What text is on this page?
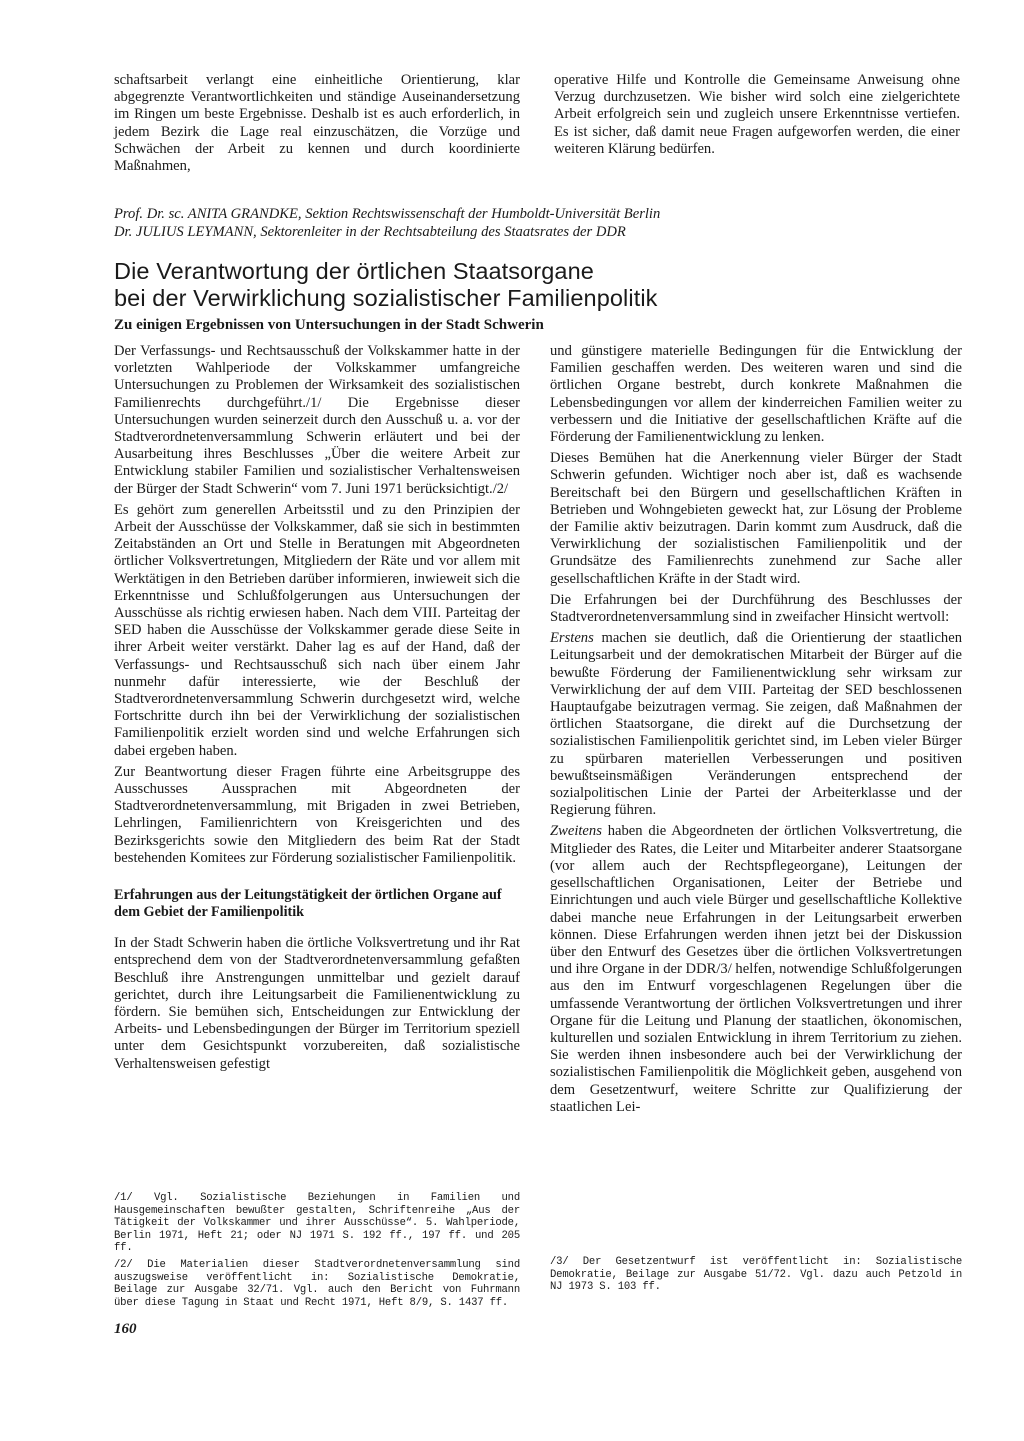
schaftsarbeit verlangt eine einheitliche Orientierung, klar abgegrenzte Verantwortlichkeiten und ständige Auseinandersetzung im Ringen um beste Ergebnisse. Deshalb ist es auch erforderlich, in jedem Bezirk die Lage real einzuschätzen, die Vorzüge und Schwächen der Arbeit zu kennen und durch koordinierte Maßnahmen,

operative Hilfe und Kontrolle die Gemeinsame Anweisung ohne Verzug durchzusetzen. Wie bisher wird solch eine zielgerichtete Arbeit erfolgreich sein und zugleich unsere Erkenntnisse vertiefen. Es ist sicher, daß damit neue Fragen aufgeworfen werden, die einer weiteren Klärung bedürfen.

Prof. Dr. sc. ANITA GRANDKE, Sektion Rechtswissenschaft der Humboldt-Universität Berlin
Dr. JULIUS LEYMANN, Sektorenleiter in der Rechtsabteilung des Staatsrates der DDR
Die Verantwortung der örtlichen Staatsorgane
bei der Verwirklichung sozialistischer Familienpolitik
Zu einigen Ergebnissen von Untersuchungen in der Stadt Schwerin

Der Verfassungs- und Rechtsausschuß der Volkskammer hatte in der vorletzten Wahlperiode der Volkskammer umfangreiche Untersuchungen zu Problemen der Wirksamkeit des sozialistischen Familienrechts durchgeführt./1/ Die Ergebnisse dieser Untersuchungen wurden seinerzeit durch den Ausschuß u. a. vor der Stadtverordnetenversammlung Schwerin erläutert und bei der Ausarbeitung ihres Beschlusses „Über die weitere Arbeit zur Entwicklung stabiler Familien und sozialistischer Verhaltensweisen der Bürger der Stadt Schwerin“ vom 7. Juni 1971 berücksichtigt./2/

Es gehört zum generellen Arbeitsstil und zu den Prinzipien der Arbeit der Ausschüsse der Volkskammer, daß sie sich in bestimmten Zeitabständen an Ort und Stelle in Beratungen mit Abgeordneten örtlicher Volksvertretungen, Mitgliedern der Räte und vor allem mit Werktätigen in den Betrieben darüber informieren, inwieweit sich die Erkenntnisse und Schlußfolgerungen aus Untersuchungen der Ausschüsse als richtig erwiesen haben. Nach dem VIII. Parteitag der SED haben die Ausschüsse der Volkskammer gerade diese Seite in ihrer Arbeit weiter verstärkt. Daher lag es auf der Hand, daß der Verfassungs- und Rechtsausschuß sich nach über einem Jahr nunmehr dafür interessierte, wie der Beschluß der Stadtverordnetenversammlung Schwerin durchgesetzt wird, welche Fortschritte durch ihn bei der Verwirklichung der sozialistischen Familienpolitik erzielt worden sind und welche Erfahrungen sich dabei ergeben haben.

Zur Beantwortung dieser Fragen führte eine Arbeitsgruppe des Ausschusses Aussprachen mit Abgeordneten der Stadtverordnetenversammlung, mit Brigaden in zwei Betrieben, Lehrlingen, Familienrichtern von Kreisgerichten und des Bezirksgerichts sowie den Mitgliedern des beim Rat der Stadt bestehenden Komitees zur Förderung sozialistischer Familienpolitik.

Erfahrungen aus der Leitungstätigkeit der örtlichen Organe auf dem Gebiet der Familienpolitik

In der Stadt Schwerin haben die örtliche Volksvertretung und ihr Rat entsprechend dem von der Stadtverordnetenversammlung gefaßten Beschluß ihre Anstrengungen unmittelbar und gezielt darauf gerichtet, durch ihre Leitungsarbeit die Familienentwicklung zu fördern. Sie bemühen sich, Entscheidungen zur Entwicklung der Arbeits- und Lebensbedingungen der Bürger im Territorium speziell unter dem Gesichtspunkt vorzubereiten, daß sozialistische Verhaltensweisen gefestigt

und günstigere materielle Bedingungen für die Entwicklung der Familien geschaffen werden. Des weiteren waren und sind die örtlichen Organe bestrebt, durch konkrete Maßnahmen die Lebensbedingungen vor allem der kinderreichen Familien weiter zu verbessern und die Initiative der gesellschaftlichen Kräfte auf die Förderung der Familienentwicklung zu lenken.

Dieses Bemühen hat die Anerkennung vieler Bürger der Stadt Schwerin gefunden. Wichtiger noch aber ist, daß es wachsende Bereitschaft bei den Bürgern und gesellschaftlichen Kräften in Betrieben und Wohngebieten geweckt hat, zur Lösung der Probleme der Familie aktiv beizutragen. Darin kommt zum Ausdruck, daß die Verwirklichung der sozialistischen Familienpolitik und der Grundsätze des Familienrechts zunehmend zur Sache aller gesellschaftlichen Kräfte in der Stadt wird.

Die Erfahrungen bei der Durchführung des Beschlusses der Stadtverordnetenversammlung sind in zweifacher Hinsicht wertvoll:

Erstens machen sie deutlich, daß die Orientierung der staatlichen Leitungsarbeit und der demokratischen Mitarbeit der Bürger auf die bewußte Förderung der Familienentwicklung sehr wirksam zur Verwirklichung der auf dem VIII. Parteitag der SED beschlossenen Hauptaufgabe beizutragen vermag. Sie zeigen, daß Maßnahmen der örtlichen Staatsorgane, die direkt auf die Durchsetzung der sozialistischen Familienpolitik gerichtet sind, im Leben vieler Bürger zu spürbaren materiellen Verbesserungen und positiven bewußtseinsmäßigen Veränderungen entsprechend der sozialpolitischen Linie der Partei der Arbeiterklasse und der Regierung führen.

Zweitens haben die Abgeordneten der örtlichen Volksvertretung, die Mitglieder des Rates, die Leiter und Mitarbeiter anderer Staatsorgane (vor allem auch der Rechtspflegeorgane), Leitungen der gesellschaftlichen Organisationen, Leiter der Betriebe und Einrichtungen und auch viele Bürger und gesellschaftliche Kollektive dabei manche neue Erfahrungen in der Leitungsarbeit erwerben können. Diese Erfahrungen werden ihnen jetzt bei der Diskussion über den Entwurf des Gesetzes über die örtlichen Volksvertretungen und ihre Organe in der DDR/3/ helfen, notwendige Schlußfolgerungen aus den im Entwurf vorgeschlagenen Regelungen über die umfassende Verantwortung der örtlichen Volksvertretungen und ihrer Organe für die Leitung und Planung der staatlichen, ökonomischen, kulturellen und sozialen Entwicklung in ihrem Territorium zu ziehen. Sie werden ihnen insbesondere auch bei der Verwirklichung der sozialistischen Familienpolitik die Möglichkeit geben, ausgehend von dem Gesetzentwurf, weitere Schritte zur Qualifizierung der staatlichen Lei-

/1/ Vgl. Sozialistische Beziehungen in Familien und Hausgemeinschaften bewußter gestalten, Schriftenreihe „Aus der Tätigkeit der Volkskammer und ihrer Ausschüsse“. 5. Wahlperiode, Berlin 1971, Heft 21; oder NJ 1971 S. 192 ff., 197 ff. und 205 ff.

/2/ Die Materialien dieser Stadtverordnetenversammlung sind auszugsweise veröffentlicht in: Sozialistische Demokratie, Beilage zur Ausgabe 32/71. Vgl. auch den Bericht von Fuhrmann über diese Tagung in Staat und Recht 1971, Heft 8/9, S. 1437 ff.

/3/ Der Gesetzentwurf ist veröffentlicht in: Sozialistische Demokratie, Beilage zur Ausgabe 51/72. Vgl. dazu auch Petzold in NJ 1973 S. 103 ff.

160
